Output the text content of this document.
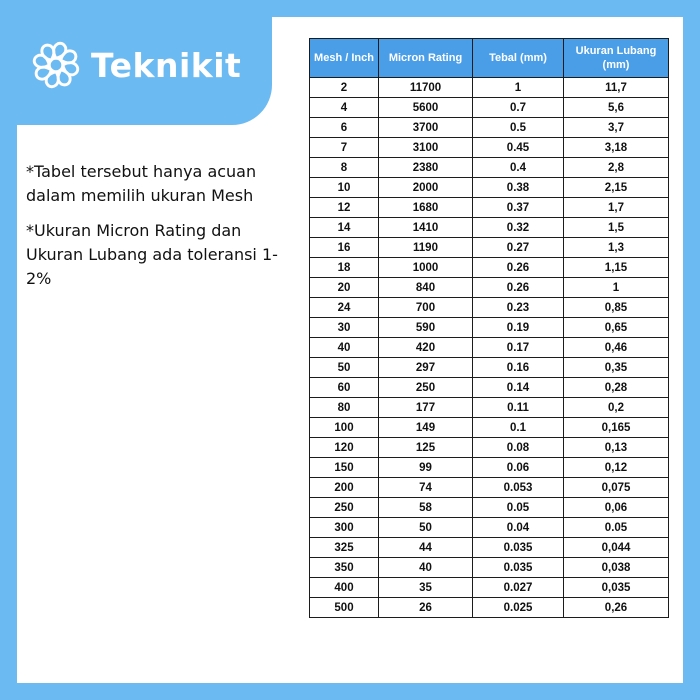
Teknikit

*Tabel tersebut hanya acuan dalam memilih ukuran Mesh

*Ukuran Micron Rating dan Ukuran Lubang ada toleransi 1-2%

Mesh / Inch	Micron Rating	Tebal (mm)	Ukuran Lubang (mm)
2	11700	1	11,7
4	5600	0.7	5,6
6	3700	0.5	3,7
7	3100	0.45	3,18
8	2380	0.4	2,8
10	2000	0.38	2,15
12	1680	0.37	1,7
14	1410	0.32	1,5
16	1190	0.27	1,3
18	1000	0.26	1,15
20	840	0.26	1
24	700	0.23	0,85
30	590	0.19	0,65
40	420	0.17	0,46
50	297	0.16	0,35
60	250	0.14	0,28
80	177	0.11	0,2
100	149	0.1	0,165
120	125	0.08	0,13
150	99	0.06	0,12
200	74	0.053	0,075
250	58	0.05	0,06
300	50	0.04	0.05
325	44	0.035	0,044
350	40	0.035	0,038
400	35	0.027	0,035
500	26	0.025	0,26
